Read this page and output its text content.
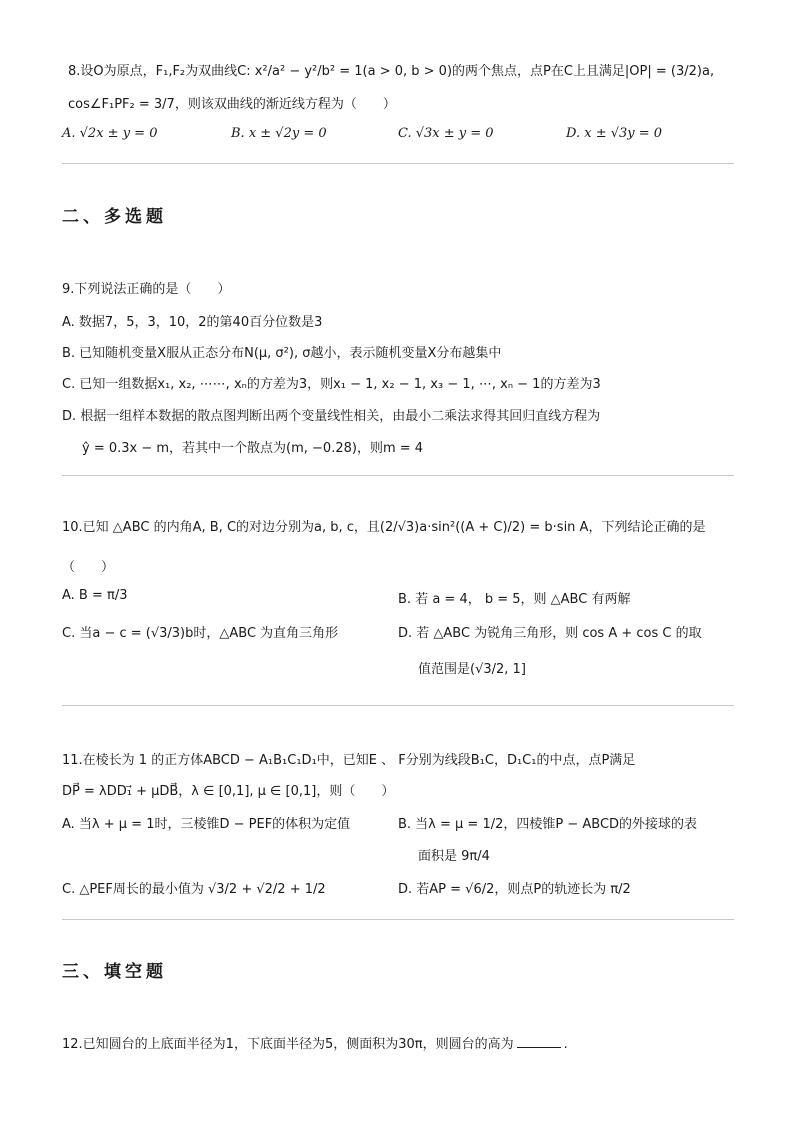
8.设O为原点，F₁,F₂为双曲线C: x²/a² − y²/b² = 1(a > 0, b > 0)的两个焦点，点P在C上且满足|OP| = (3/2)a,
cos∠F₁PF₂ = 3/7，则该双曲线的渐近线方程为（　　）
A. √2x ± y = 0	B. x ± √2y = 0	C. √3x ± y = 0	D. x ± √3y = 0
二、多选题
9.下列说法正确的是（　　）
A. 数据7，5，3，10，2的第40百分位数是3
B. 已知随机变量X服从正态分布N(μ, σ²), σ越小，表示随机变量X分布越集中
C. 已知一组数据x₁, x₂, ⋯⋯, xₙ的方差为3，则x₁ − 1, x₂ − 1, x₃ − 1, ⋯, xₙ − 1的方差为3
D. 根据一组样本数据的散点图判断出两个变量线性相关，由最小二乘法求得其回归直线方程为
ŷ = 0.3x − m，若其中一个散点为(m, −0.28)，则m = 4
10.已知 △ABC 的内角A, B, C的对边分别为a, b, c，且(2/√3)a·sin²((A + C)/2) = b·sin A，下列结论正确的是
（　　）
A. B = π/3	B. 若 a = 4， b = 5，则 △ABC 有两解
C. 当a − c = (√3/3)b时，△ABC 为直角三角形	D. 若 △ABC 为锐角三角形，则 cos A + cos C 的取
值范围是(√3/2, 1]
11.在棱长为 1 的正方体ABCD − A₁B₁C₁D₁中，已知E 、 F分别为线段B₁C，D₁C₁的中点，点P满足
DP⃗ = λDD₁⃗ + μDB⃗，λ ∈ [0,1], μ ∈ [0,1]，则（　　）
A. 当λ + μ = 1时，三棱锥D − PEF的体积为定值	B. 当λ = μ = 1/2，四棱锥P − ABCD的外接球的表
面积是 9π/4
C. △PEF周长的最小值为 √3/2 + √2/2 + 1/2	D. 若AP = √6/2，则点P的轨迹长为 π/2
三、填空题
12.已知圆台的上底面半径为1，下底面半径为5，侧面积为30π，则圆台的高为	.
